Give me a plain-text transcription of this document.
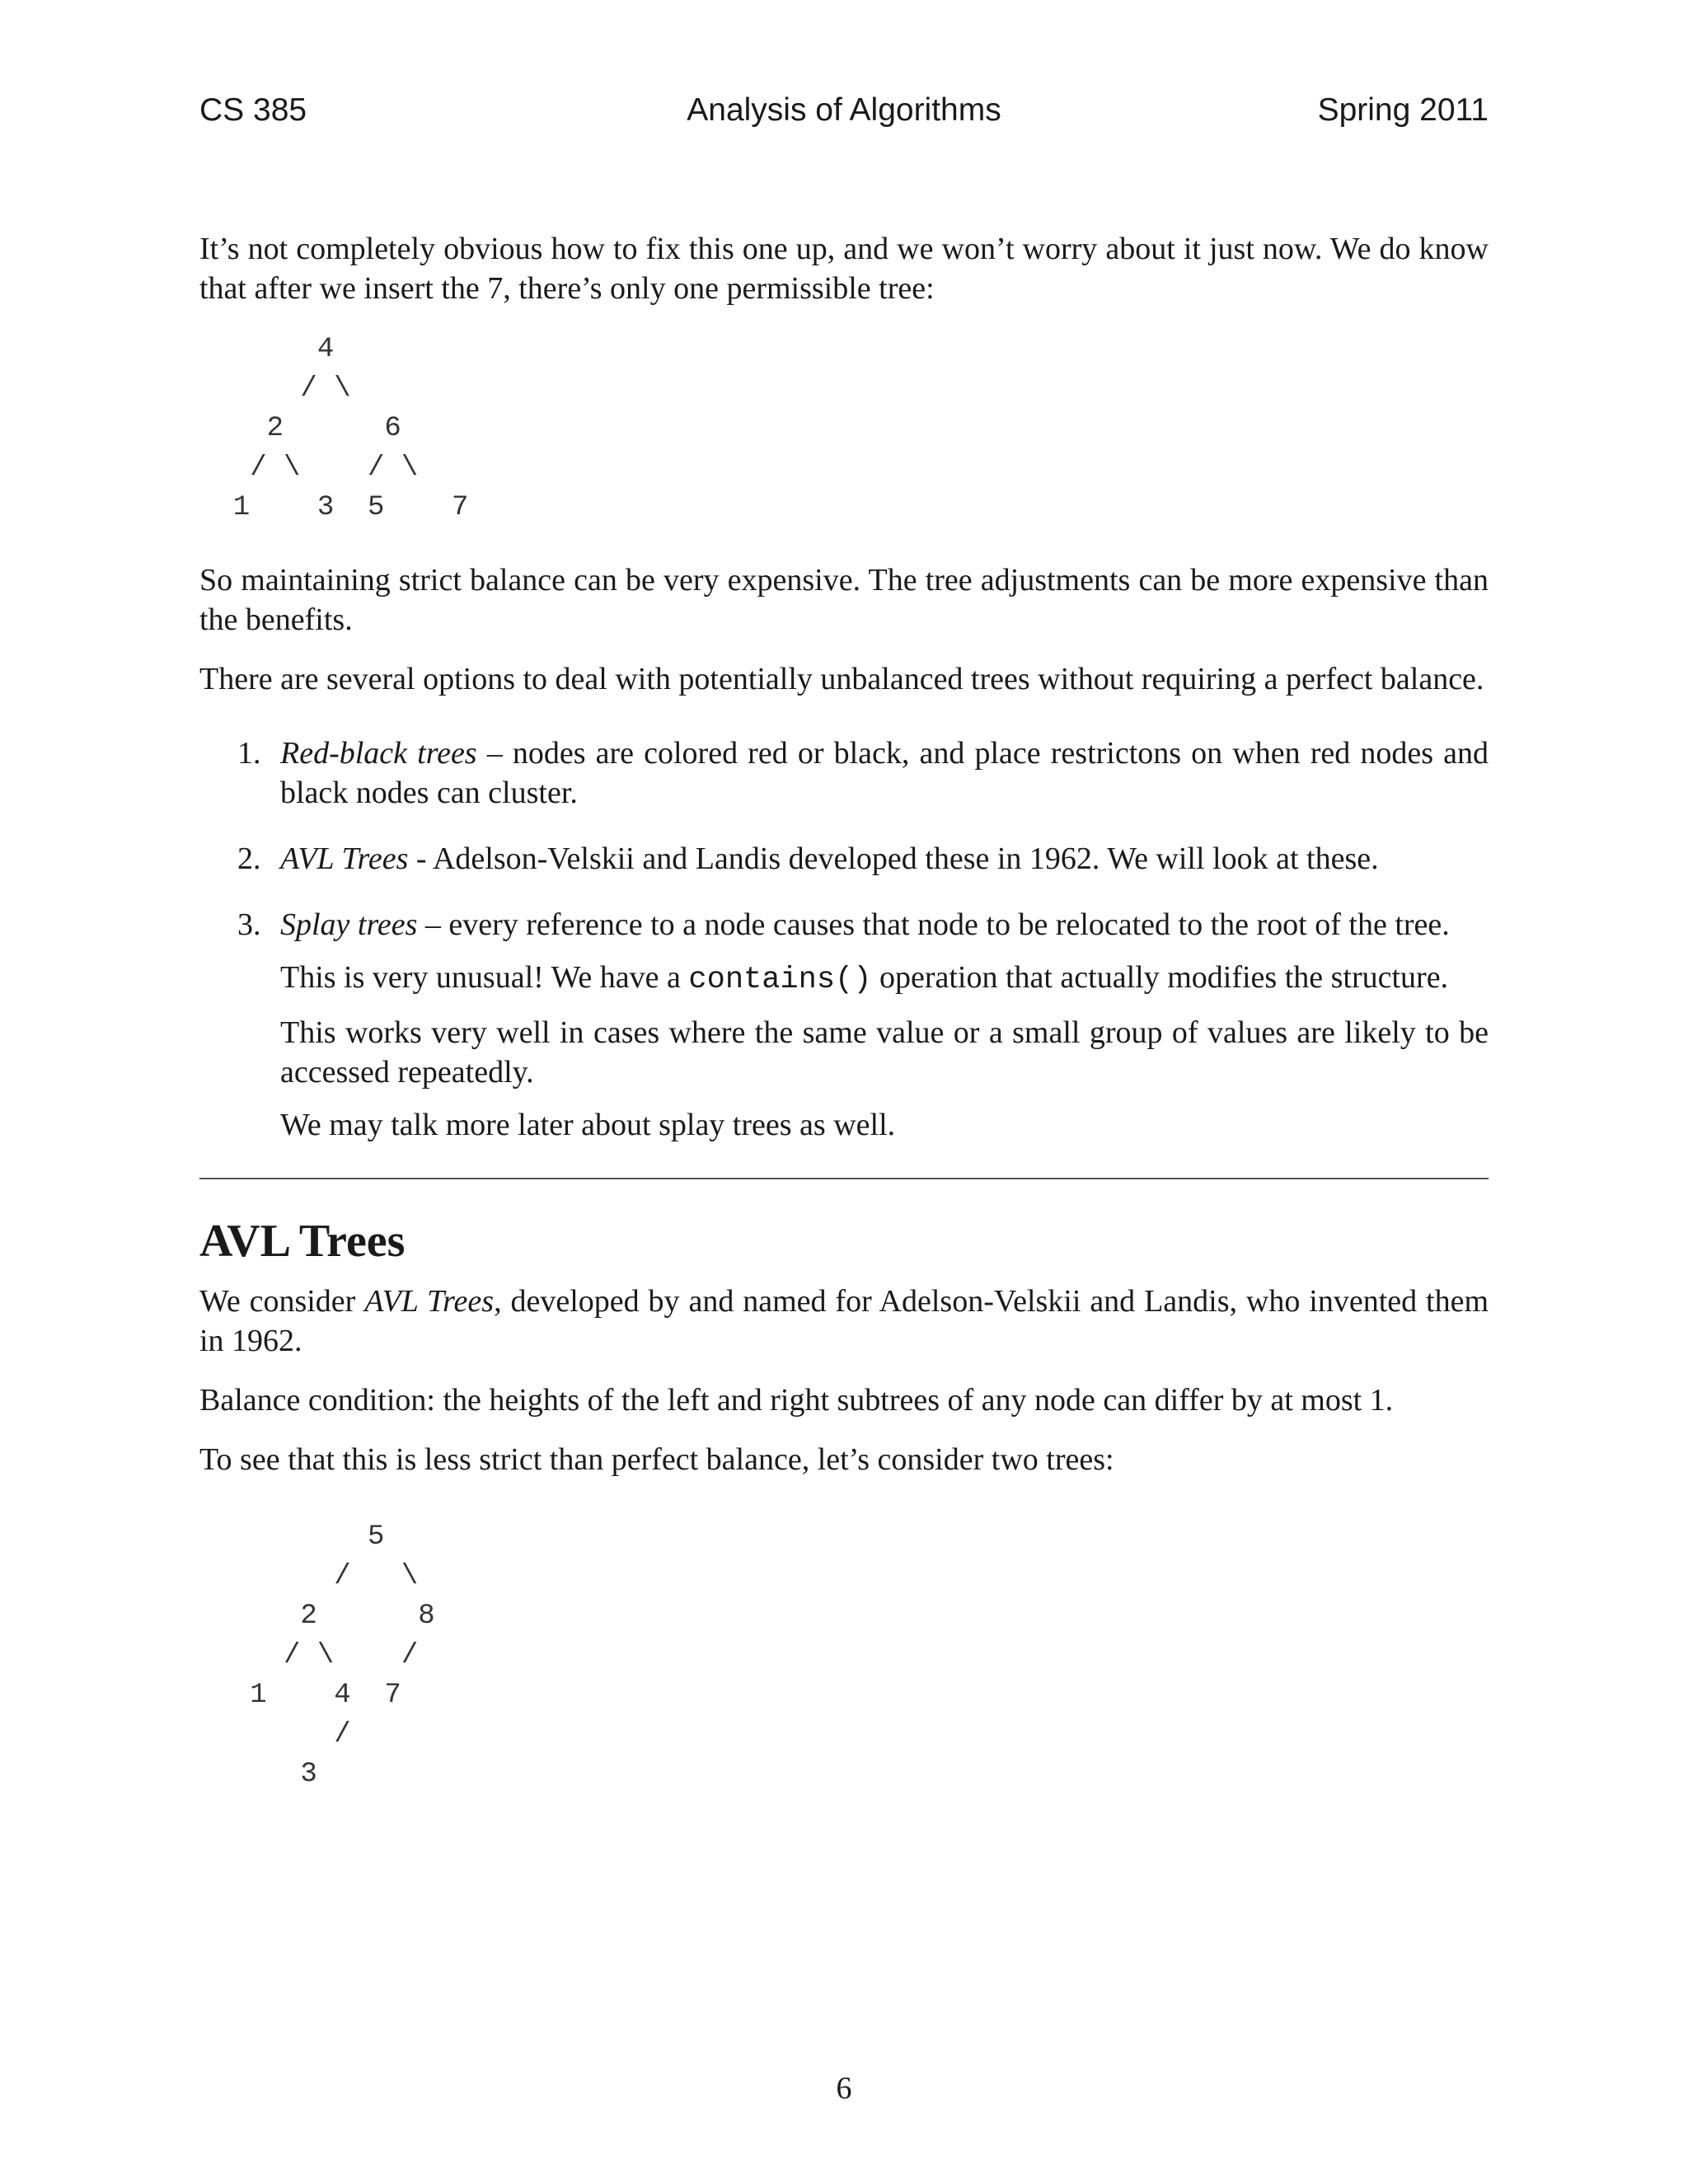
CS 385	Analysis of Algorithms	Spring 2011

It’s not completely obvious how to fix this one up, and we won’t worry about it just now. We do know that after we insert the 7, there’s only one permissible tree:

4
/ \
2      6
/ \    / \
1    3  5    7

So maintaining strict balance can be very expensive. The tree adjustments can be more expensive than the benefits.

There are several options to deal with potentially unbalanced trees without requiring a perfect balance.

1. Red-black trees – nodes are colored red or black, and place restrictons on when red nodes and black nodes can cluster.

2. AVL Trees - Adelson-Velskii and Landis developed these in 1962. We will look at these.

3. Splay trees – every reference to a node causes that node to be relocated to the root of the tree.

This is very unusual! We have a contains() operation that actually modifies the structure.

This works very well in cases where the same value or a small group of values are likely to be accessed repeatedly.

We may talk more later about splay trees as well.

AVL Trees

We consider AVL Trees, developed by and named for Adelson-Velskii and Landis, who invented them in 1962.

Balance condition: the heights of the left and right subtrees of any node can differ by at most 1.

To see that this is less strict than perfect balance, let’s consider two trees:

5
/   \
2      8
/ \    /
1    4  7
/
3
6
